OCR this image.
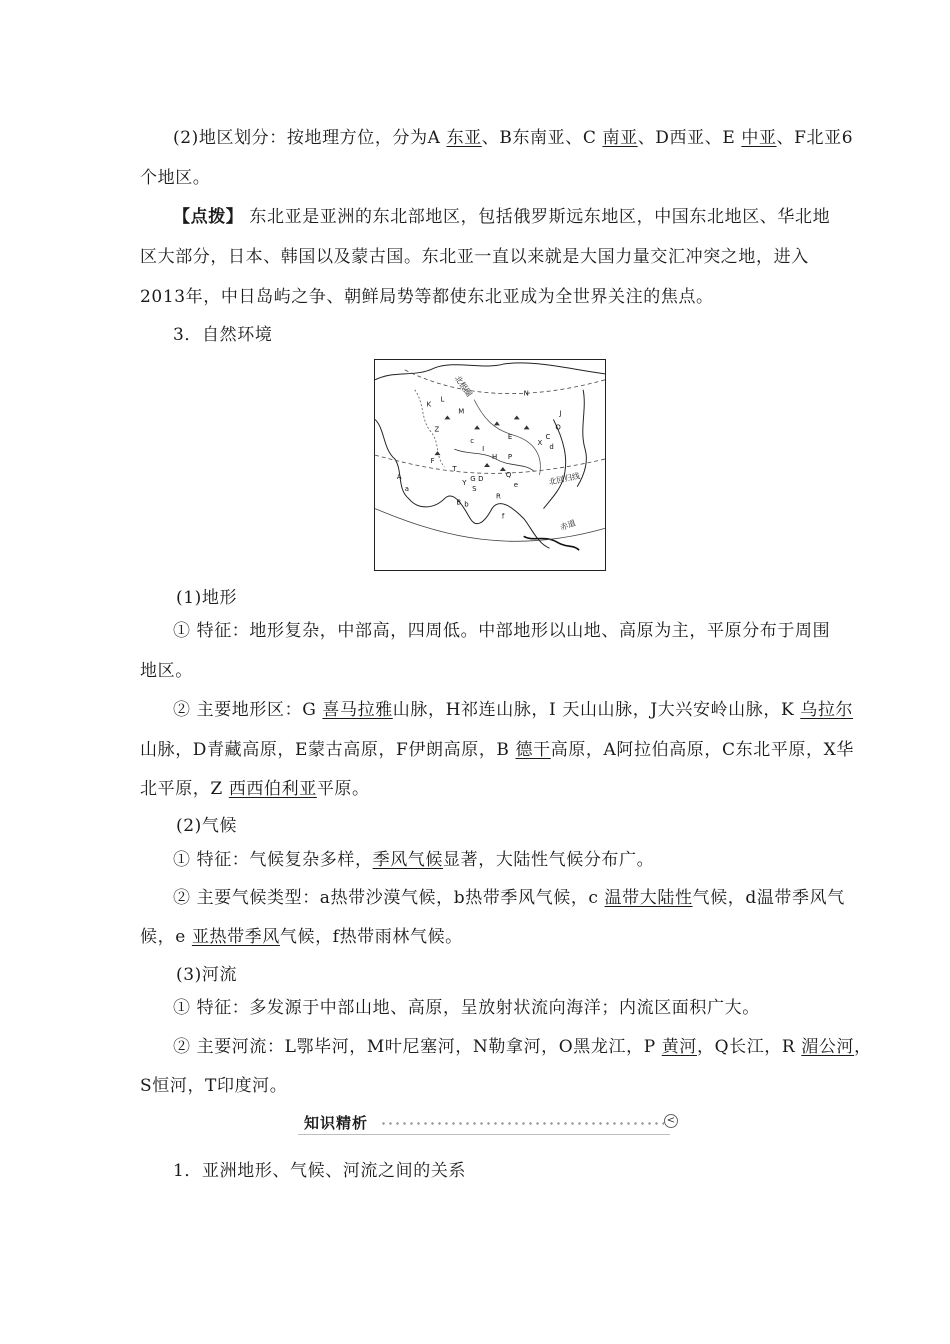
(2)地区划分：按地理方位，分为A 东亚、B东南亚、C 南亚、D西亚、E 中亚、F北亚6
个地区。
【点拨】 东北亚是亚洲的东北部地区，包括俄罗斯远东地区，中国东北地区、华北地
区大部分，日本、韩国以及蒙古国。东北亚一直以来就是大国力量交汇冲突之地，进入
2013年，中日岛屿之争、朝鲜局势等都使东北亚成为全世界关注的焦点。
3．自然环境
北极圈
北回归线
赤道
K
L
M
N
O
P
Q
R
S
T
X
Y
Z
A
B
C
D
E
F
G
H
I
J
a
b
c
d
e
f
(1)地形
① 特征：地形复杂，中部高，四周低。中部地形以山地、高原为主，平原分布于周围
地区。
② 主要地形区：G 喜马拉雅山脉，H祁连山脉，I 天山山脉，J大兴安岭山脉，K 乌拉尔
山脉，D青藏高原，E蒙古高原，F伊朗高原，B 德干高原，A阿拉伯高原，C东北平原，X华
北平原，Z 西西伯利亚平原。
(2)气候
① 特征：气候复杂多样，季风气候显著，大陆性气候分布广。
② 主要气候类型：a热带沙漠气候，b热带季风气候，c 温带大陆性气候，d温带季风气
候，e 亚热带季风气候，f热带雨林气候。
(3)河流
① 特征：多发源于中部山地、高原，呈放射状流向海洋；内流区面积广大。
② 主要河流：L鄂毕河，M叶尼塞河，N勒拿河，O黑龙江，P 黄河，Q长江，R 湄公河，
S恒河，T印度河。
知识精析	<
1．亚洲地形、气候、河流之间的关系
